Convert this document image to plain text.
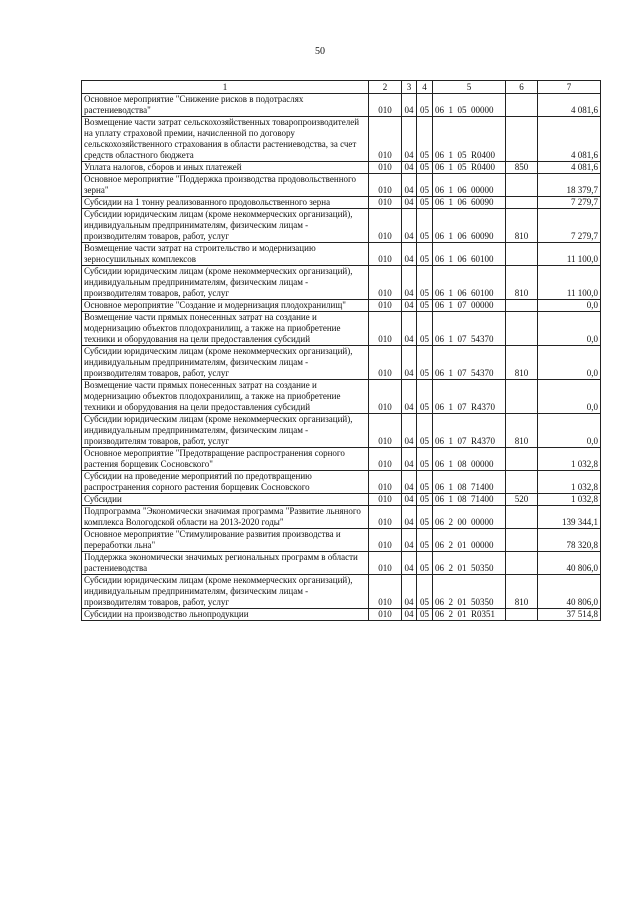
50
1	2	3	4	5	6	7
Основное мероприятие "Снижение рисков в подотраслях растениеводства"	010	04	05	06  1  05  00000		4 081,6
Возмещение части затрат сельскохозяйственных товаропроизводителей на уплату страховой премии, начисленной по договору сельскохозяйственного страхования в области растениеводства, за счет средств областного бюджета	010	04	05	06  1  05  R0400		4 081,6
Уплата налогов, сборов и иных платежей	010	04	05	06  1  05  R0400	850	4 081,6
Основное мероприятие "Поддержка производства продовольственного зерна"	010	04	05	06  1  06  00000		18 379,7
Субсидии на 1 тонну реализованного продовольственного зерна	010	04	05	06  1  06  60090		7 279,7
Субсидии юридическим лицам (кроме некоммерческих организаций), индивидуальным предпринимателям, физическим лицам - производителям товаров, работ, услуг	010	04	05	06  1  06  60090	810	7 279,7
Возмещение части затрат на строительство и модернизацию зерносушильных комплексов	010	04	05	06  1  06  60100		11 100,0
Субсидии юридическим лицам (кроме некоммерческих организаций), индивидуальным предпринимателям, физическим лицам - производителям товаров, работ, услуг	010	04	05	06  1  06  60100	810	11 100,0
Основное мероприятие "Создание и модернизация плодохранилищ"	010	04	05	06  1  07  00000		0,0
Возмещение части прямых понесенных затрат на создание и модернизацию объектов плодохранилищ, а также на приобретение техники и оборудования на цели предоставления субсидий	010	04	05	06  1  07  54370		0,0
Субсидии юридическим лицам (кроме некоммерческих организаций), индивидуальным предпринимателям, физическим лицам - производителям товаров, работ, услуг	010	04	05	06  1  07  54370	810	0,0
Возмещение части прямых понесенных затрат на создание и модернизацию объектов плодохранилищ, а также на приобретение техники и оборудования на цели предоставления субсидий	010	04	05	06  1  07  R4370		0,0
Субсидии юридическим лицам (кроме некоммерческих организаций), индивидуальным предпринимателям, физическим лицам - производителям товаров, работ, услуг	010	04	05	06  1  07  R4370	810	0,0
Основное мероприятие "Предотвращение распространения сорного растения борщевик Сосновского"	010	04	05	06  1  08  00000		1 032,8
Субсидии на проведение мероприятий по предотвращению распространения сорного растения борщевик Сосновского	010	04	05	06  1  08  71400		1 032,8
Субсидии	010	04	05	06  1  08  71400	520	1 032,8
Подпрограмма "Экономически значимая программа "Развитие льняного комплекса Вологодской области на 2013-2020 годы"	010	04	05	06  2  00  00000		139 344,1
Основное мероприятие "Стимулирование развития производства и переработки льна"	010	04	05	06  2  01  00000		78 320,8
Поддержка экономически значимых региональных программ в области растениеводства	010	04	05	06  2  01  50350		40 806,0
Субсидии юридическим лицам (кроме некоммерческих организаций), индивидуальным предпринимателям, физическим лицам - производителям товаров, работ, услуг	010	04	05	06  2  01  50350	810	40 806,0
Субсидии на производство льнопродукции	010	04	05	06  2  01  R0351		37 514,8
